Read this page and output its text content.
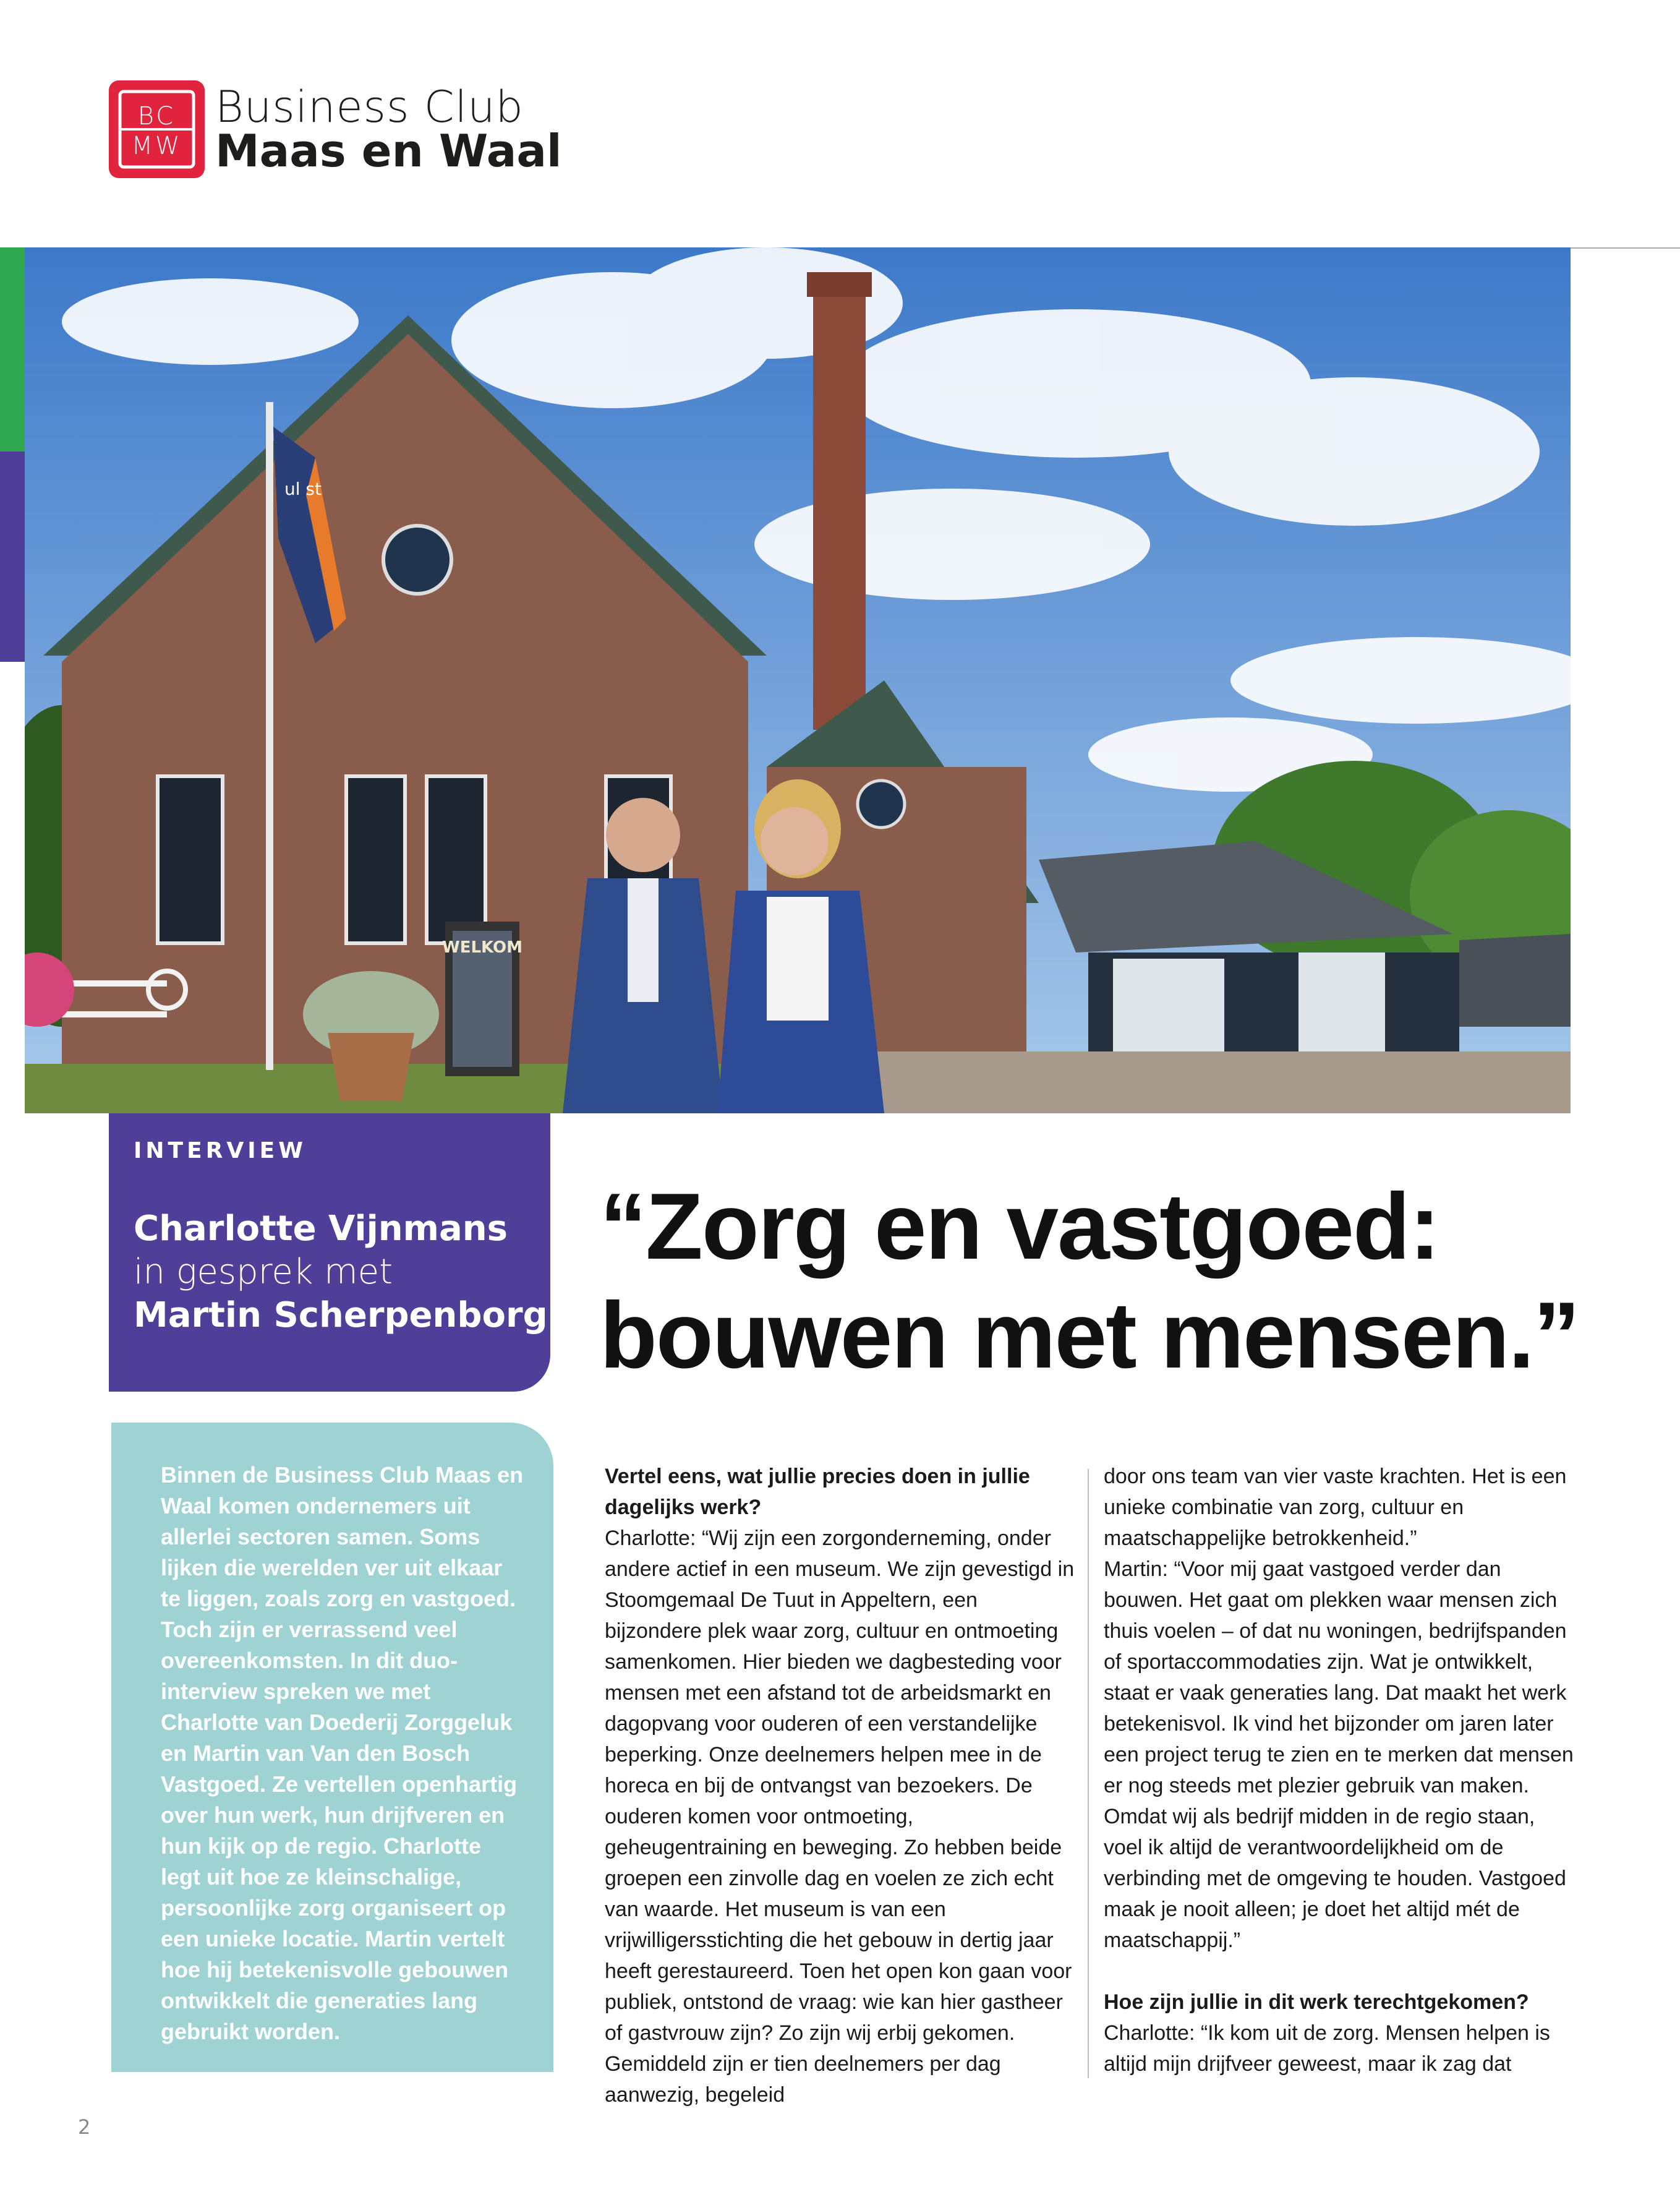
BC MW
Business Club
Maas en Waal
ul st
WELKOM
INTERVIEW
Charlotte Vijnmans
in gesprek met
Martin Scherpenborg
“Zorg en vastgoed:
bouwen met mensen.”
Binnen de Business Club Maas en Waal komen ondernemers uit allerlei sectoren samen. Soms lijken die werelden ver uit elkaar te liggen, zoals zorg en vastgoed. Toch zijn er verrassend veel overeenkomsten. In dit duo-interview spreken we met Charlotte van Doederij Zorggeluk en Martin van Van den Bosch Vastgoed. Ze vertellen openhartig over hun werk, hun drijfveren en hun kijk op de regio. Charlotte legt uit hoe ze kleinschalige, persoonlijke zorg organiseert op een unieke locatie. Martin vertelt hoe hij betekenisvolle gebouwen ontwikkelt die generaties lang gebruikt worden.

Vertel eens, wat jullie precies doen in jullie dagelijks werk?

Charlotte: “Wij zijn een zorgonderneming, onder andere actief in een museum. We zijn gevestigd in Stoomgemaal De Tuut in Appeltern, een bijzondere plek waar zorg, cultuur en ontmoeting samenkomen. Hier bieden we dagbesteding voor mensen met een afstand tot de arbeidsmarkt en dagopvang voor ouderen of een verstandelijke beperking. Onze deelnemers helpen mee in de horeca en bij de ontvangst van bezoekers. De ouderen komen voor ontmoeting, geheugentraining en beweging. Zo hebben beide groepen een zinvolle dag en voelen ze zich echt van waarde. Het museum is van een vrijwilligersstichting die het gebouw in dertig jaar heeft gerestaureerd. Toen het open kon gaan voor publiek, ontstond de vraag: wie kan hier gastheer of gastvrouw zijn? Zo zijn wij erbij gekomen. Gemiddeld zijn er tien deelnemers per dag aanwezig, begeleid

door ons team van vier vaste krachten. Het is een unieke combinatie van zorg, cultuur en maatschappelijke betrokkenheid.”

Martin: “Voor mij gaat vastgoed verder dan bouwen. Het gaat om plekken waar mensen zich thuis voelen – of dat nu woningen, bedrijfspanden of sportaccommodaties zijn. Wat je ontwikkelt, staat er vaak generaties lang. Dat maakt het werk betekenisvol. Ik vind het bijzonder om jaren later een project terug te zien en te merken dat mensen er nog steeds met plezier gebruik van maken. Omdat wij als bedrijf midden in de regio staan, voel ik altijd de verantwoordelijkheid om de verbinding met de omgeving te houden. Vastgoed maak je nooit alleen; je doet het altijd mét de maatschappij.”

Hoe zijn jullie in dit werk terechtgekomen?

Charlotte: “Ik kom uit de zorg. Mensen helpen is altijd mijn drijfveer geweest, maar ik zag dat

2
